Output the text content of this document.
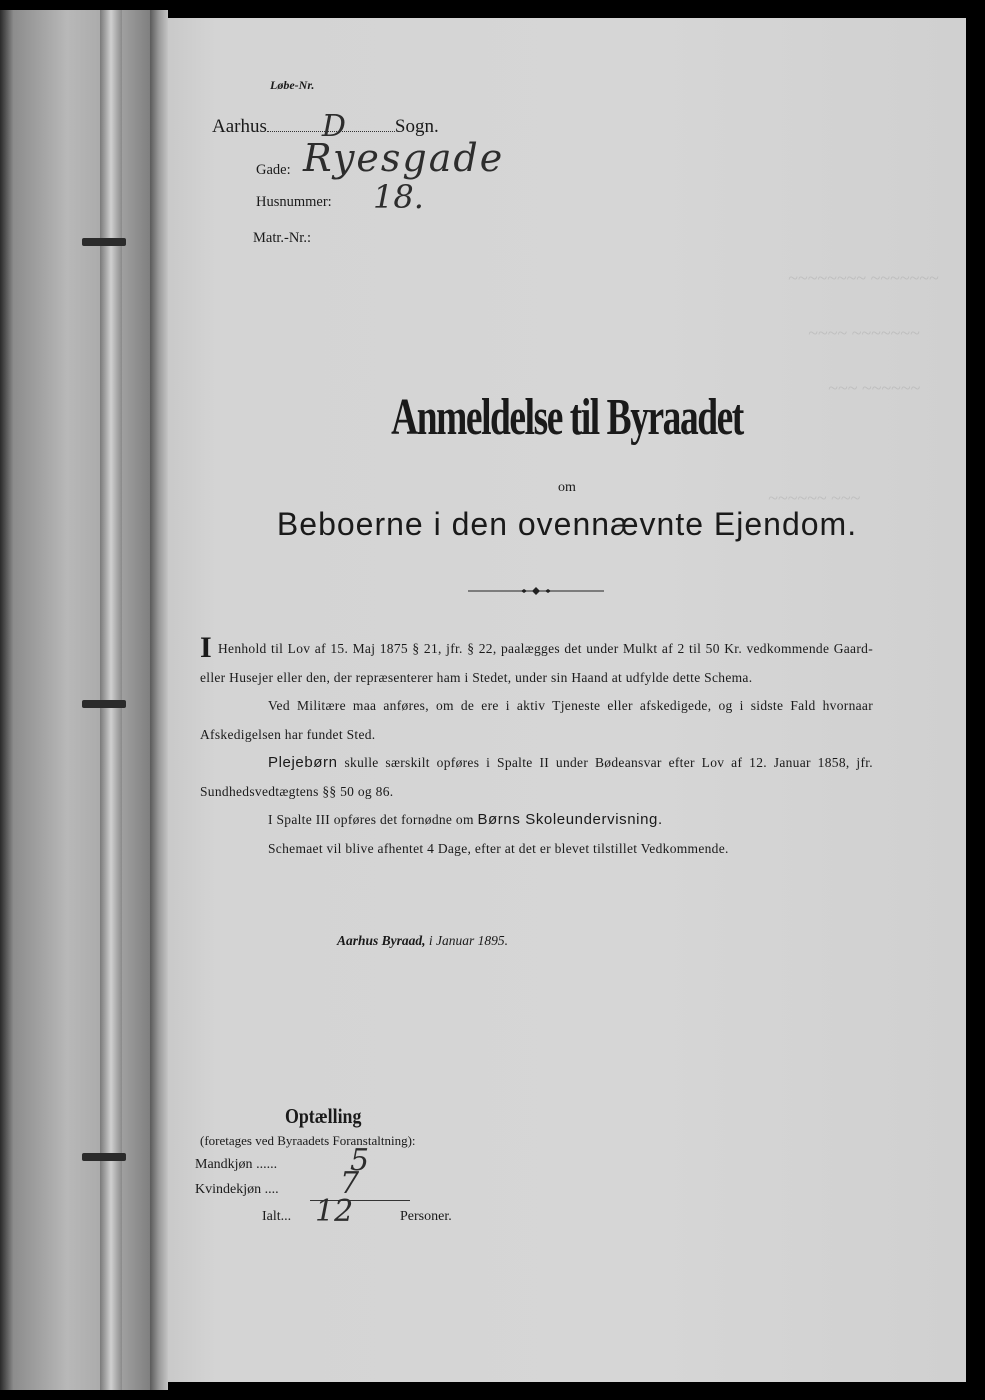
~~~~~~~~ ~~~~~~~
~~~~ ~~~~~~~
~~~ ~~~~~~
~~~~~~ ~~~
Løbe-Nr.
Aarhus D	Sogn.
Gade: Ryesgade
Husnummer: 18.
Matr.-Nr.:
Anmeldelse til Byraadet
om
Beboerne i den ovennævnte Ejendom.

I Henhold til Lov af 15. Maj 1875 § 21, jfr. § 22, paalægges det under Mulkt af 2 til 50 Kr. vedkommende Gaard- eller Husejer eller den, der repræsenterer ham i Stedet, under sin Haand at udfylde dette Schema.

Ved Militære maa anføres, om de ere i aktiv Tjeneste eller afskedigede, og i sidste Fald hvornaar Afskedigelsen har fundet Sted.

Plejebørn skulle særskilt opføres i Spalte II under Bødeansvar efter Lov af 12. Januar 1858, jfr. Sundhedsvedtægtens §§ 50 og 86.

I Spalte III opføres det fornødne om Børns Skoleundervisning.

Schemaet vil blive afhentet 4 Dage, efter at det er blevet tilstillet Vedkommende.

Aarhus Byraad, i Januar 1895.
Optælling
(foretages ved Byraadets Foranstaltning):
Mandkjøn ...... 5
Kvindekjøn .... 7
Ialt... 12	Personer.
